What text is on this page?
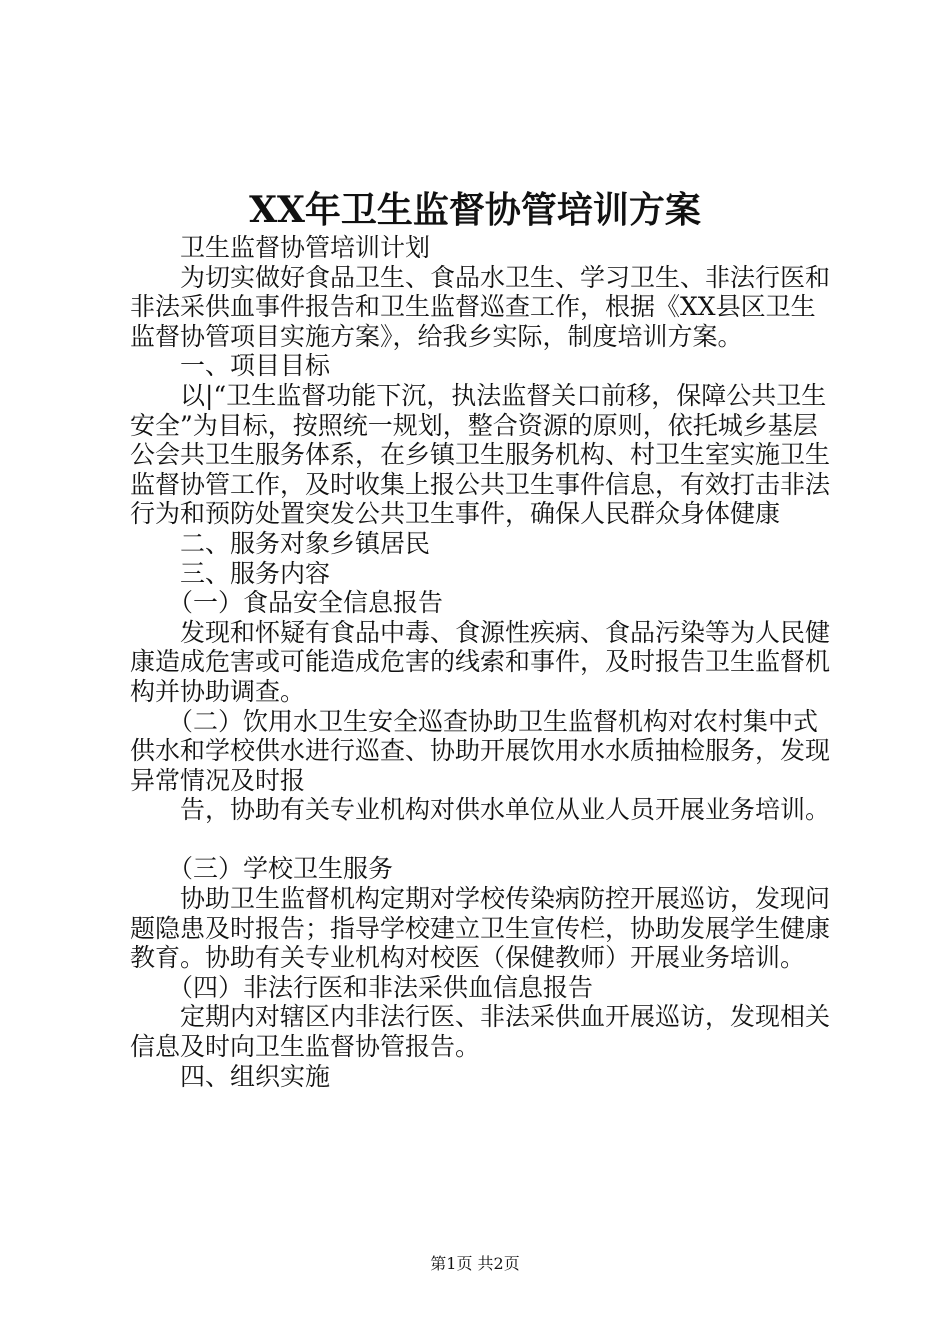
XX年卫生监督协管培训方案

卫生监督协管培训计划

为切实做好食品卫生、食品水卫生、学习卫生、非法行医和非法采供血事件报告和卫生监督巡查工作，根据《XX县区卫生监督协管项目实施方案》，给我乡实际，制度培训方案。

一、项目目标

以|“卫生监督功能下沉，执法监督关口前移，保障公共卫生安全”为目标，按照统一规划，整合资源的原则，依托城乡基层公会共卫生服务体系，在乡镇卫生服务机构、村卫生室实施卫生监督协管工作，及时收集上报公共卫生事件信息，有效打击非法行为和预防处置突发公共卫生事件，确保人民群众身体健康

二、服务对象乡镇居民

三、服务内容

（一）食品安全信息报告

发现和怀疑有食品中毒、食源性疾病、食品污染等为人民健康造成危害或可能造成危害的线索和事件，及时报告卫生监督机构并协助调查。

（二）饮用水卫生安全巡查协助卫生监督机构对农村集中式供水和学校供水进行巡查、协助开展饮用水水质抽检服务，发现异常情况及时报

告，协助有关专业机构对供水单位从业人员开展业务培训。

（三）学校卫生服务

协助卫生监督机构定期对学校传染病防控开展巡访，发现问题隐患及时报告；指导学校建立卫生宣传栏，协助发展学生健康教育。协助有关专业机构对校医（保健教师）开展业务培训。

（四）非法行医和非法采供血信息报告

定期内对辖区内非法行医、非法采供血开展巡访，发现相关信息及时向卫生监督协管报告。

四、组织实施

第1页 共2页
